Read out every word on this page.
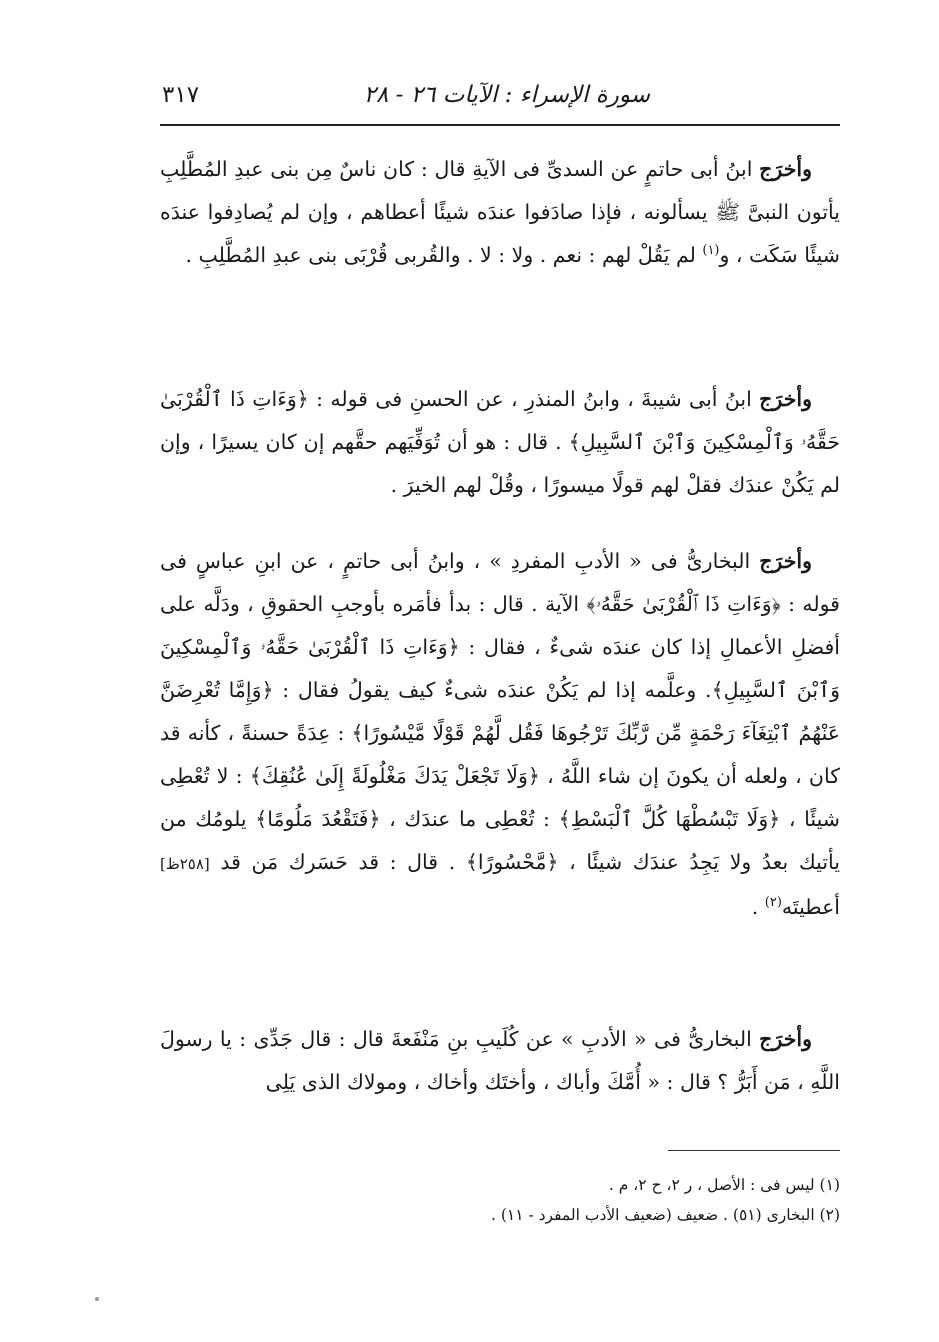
سورة الإسراء : الآيات ٢٦ - ٢٨
٣١٧

وأخرَج ابنُ أبى حاتمٍ عن السدىِّ فى الآيةِ قال : كان ناسٌ مِن بنى عبدِ المُطَّلِبِ يأتون النبىَّ ﷺ يسألونه ، فإذا صادَفوا عندَه شيئًا أعطاهم ، وإن لم يُصادِفوا عندَه شيئًا سَكَت ، و$^{(١)}$ لم يَقُلْ لهم : نعم . ولا : لا . والقُربى قُرْبَى بنى عبدِ المُطَّلِبِ .

وأخرَج ابنُ أبى شيبةَ ، وابنُ المنذرِ ، عن الحسنِ فى قوله : ﴿وَءَاتِ ذَا ٱلْقُرْبَىٰ حَقَّهُۥ وَٱلْمِسْكِينَ وَٱبْنَ ٱلسَّبِيلِ﴾ . قال : هو أن تُوَفِّيَهم حقَّهم إن كان يسيرًا ، وإن لم يَكُنْ عندَك فقلْ لهم قولًا ميسورًا ، وقُلْ لهم الخيرَ .

وأخرَج البخارىُّ فى « الأدبِ المفردِ » ، وابنُ أبى حاتمٍ ، عن ابنِ عباسٍ فى قوله : ﴿وَءَاتِ ذَا ٱلْقُرْبَىٰ حَقَّهُۥ﴾ الآية . قال : بدأ فأمَره بأوجبِ الحقوقِ ، ودَلَّه على أفضلِ الأعمالِ إذا كان عندَه شىءٌ ، فقال : ﴿وَءَاتِ ذَا ٱلْقُرْبَىٰ حَقَّهُۥ وَٱلْمِسْكِينَ وَٱبْنَ ٱلسَّبِيلِ﴾. وعلَّمه إذا لم يَكُنْ عندَه شىءٌ كيف يقولُ فقال : ﴿وَإِمَّا تُعْرِضَنَّ عَنْهُمُ ٱبْتِغَآءَ رَحْمَةٍ مِّن رَّبِّكَ تَرْجُوهَا فَقُل لَّهُمْ قَوْلًا مَّيْسُورًا﴾ : عِدَةً حسنةً ، كأنه قد كان ، ولعله أن يكونَ إن شاء اللَّهُ ، ﴿وَلَا تَجْعَلْ يَدَكَ مَغْلُولَةً إِلَىٰ عُنُقِكَ﴾ : لا تُعْطِى شيئًا ، ﴿وَلَا تَبْسُطْهَا كُلَّ ٱلْبَسْطِ﴾ : تُعْطِى ما عندَك ، ﴿فَتَقْعُدَ مَلُومًا﴾ يلومُك من يأتيك بعدُ ولا يَجِدُ عندَك شيئًا ، ﴿مَّحْسُورًا﴾ . قال : قد حَسَرك مَن قد [٢٥٨ظ] أعطيتَه$^{(٢)}$ .

وأخرَج البخارىُّ فى « الأدبِ » عن كُلَيبِ بنِ مَنْفَعةَ قال : قال جَدِّى : يا رسولَ اللَّهِ ، مَن أَبَرُّ ؟ قال : « أُمَّكَ وأباك ، وأختَك وأخاك ، ومولاك الذى يَلِى

(١) ليس فى : الأصل ، ر ٢، ح ٢، م .

(٢) البخارى (٥١) . ضعيف (ضعيف الأدب المفرد - ١١) .
